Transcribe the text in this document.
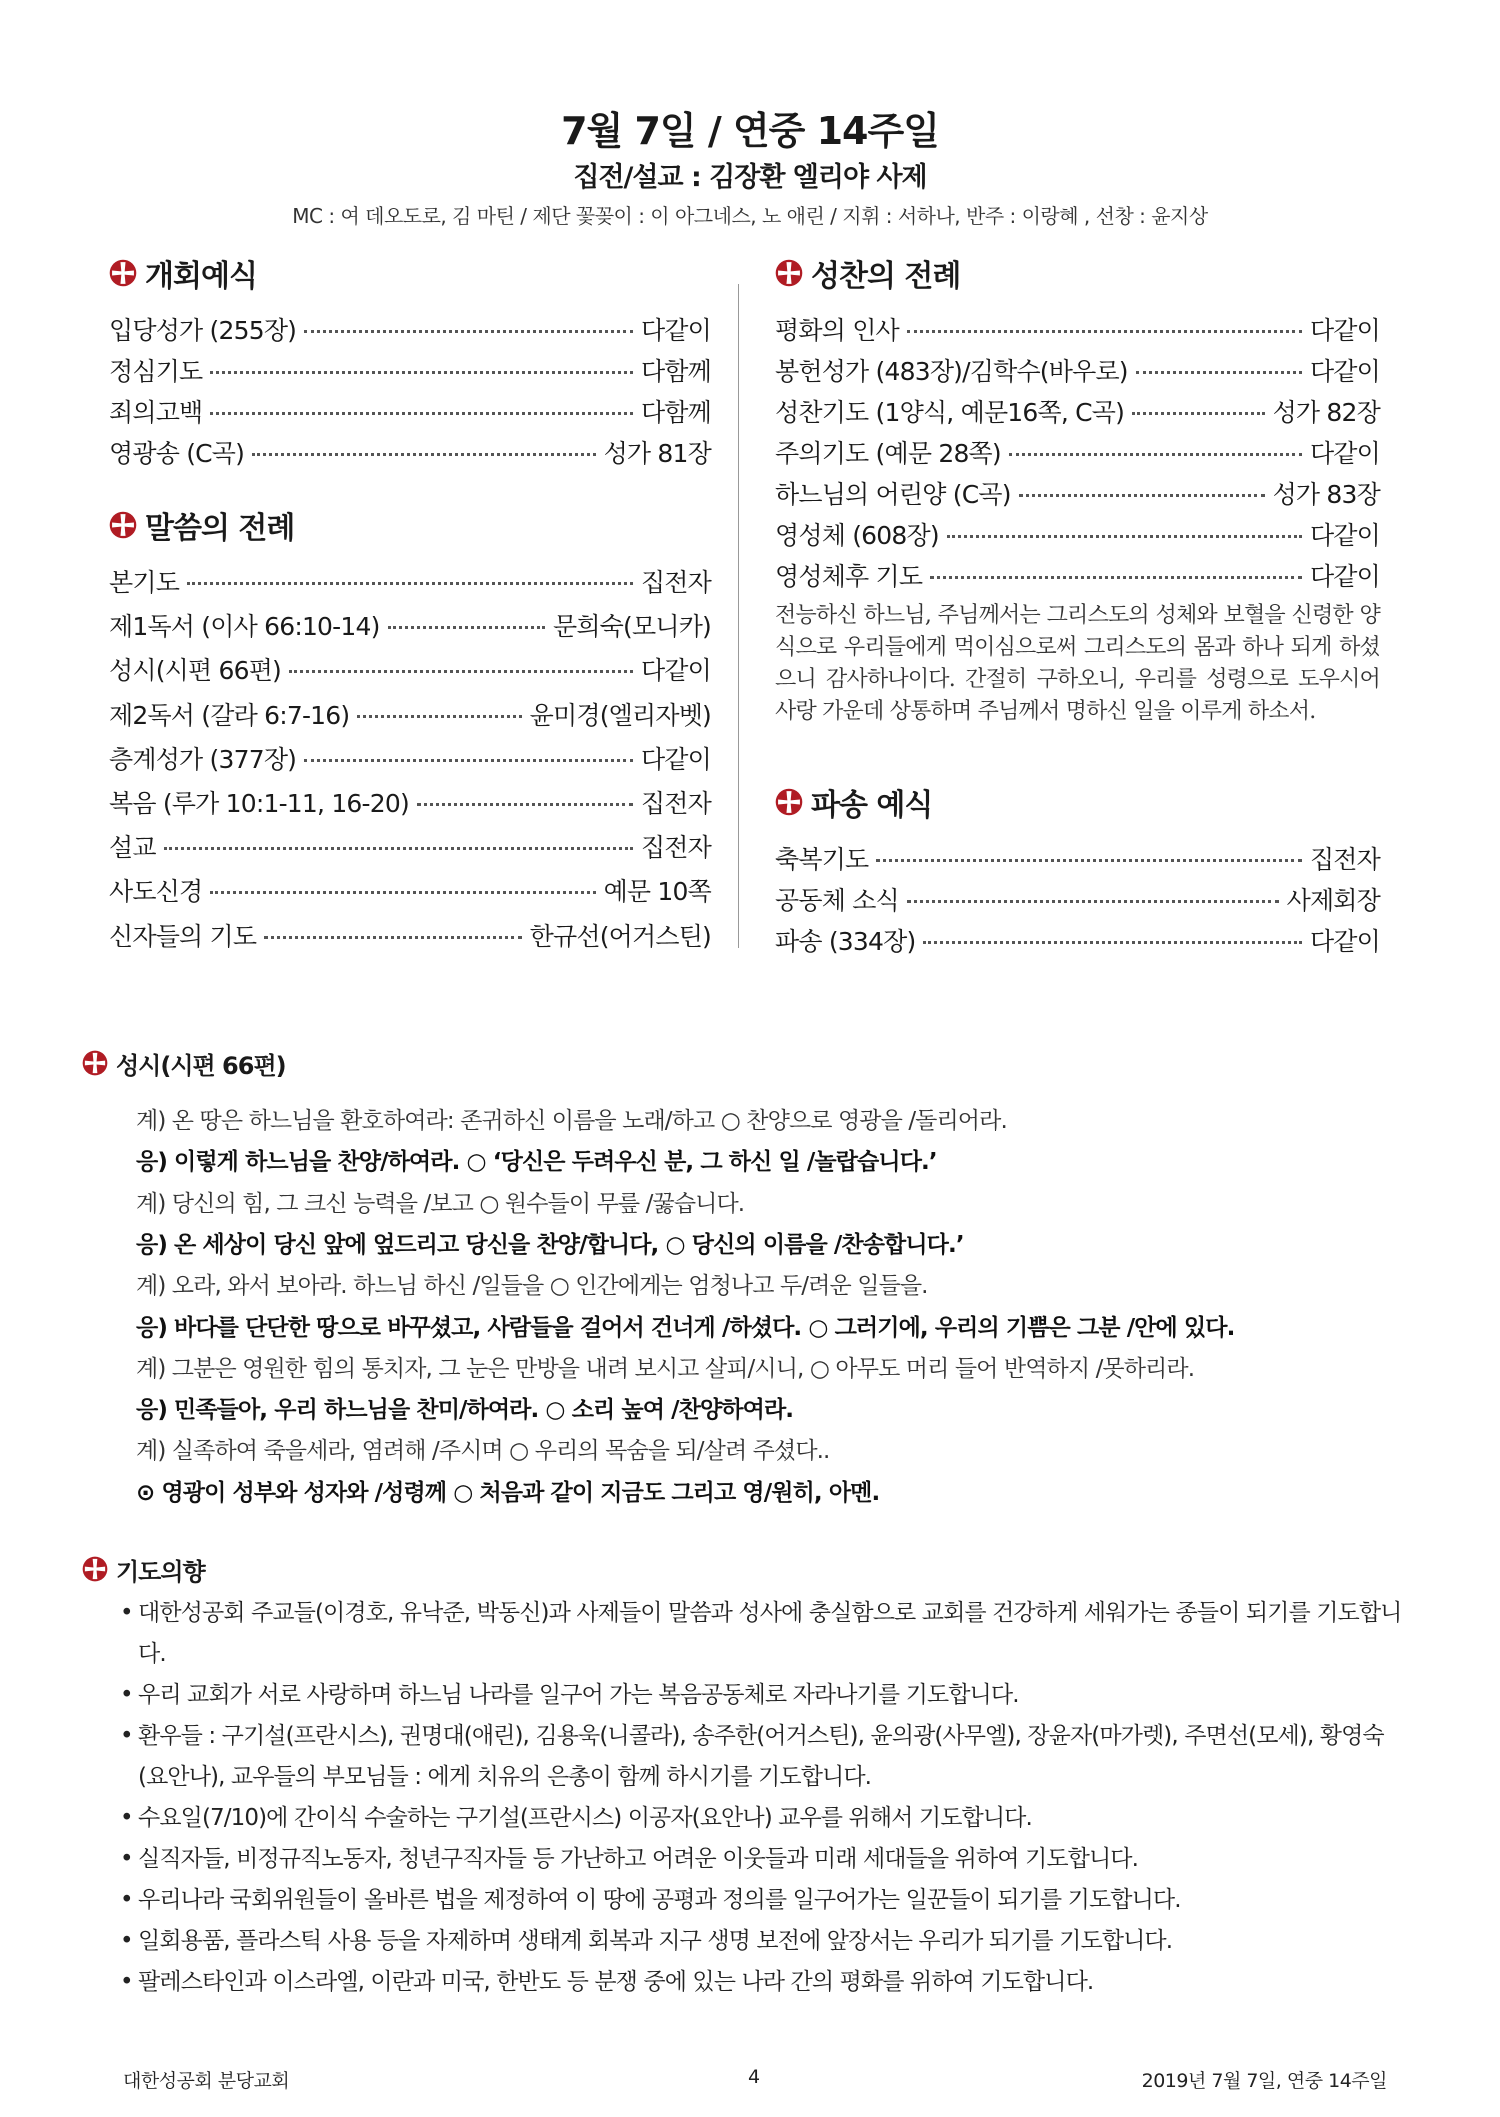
7월 7일 / 연중 14주일
집전/설교 : 김장환 엘리야 사제
MC : 여 데오도로, 김 마틴 / 제단 꽃꽂이 : 이 아그네스, 노 애린 / 지휘 : 서하나, 반주 : 이랑혜 , 선창 : 윤지상
개회예식
입당성가 (255장)	다같이
정심기도	다함께
죄의고백	다함께
영광송 (C곡)	성가 81장
말씀의 전례
본기도	집전자
제1독서 (이사 66:10-14)	문희숙(모니카)
성시(시편 66편)	다같이
제2독서 (갈라 6:7-16)	윤미경(엘리자벳)
층계성가 (377장)	다같이
복음 (루가 10:1-11, 16-20)	집전자
설교	집전자
사도신경	예문 10쪽
신자들의 기도	한규선(어거스틴)
성찬의 전례
평화의 인사	다같이
봉헌성가 (483장)/김학수(바우로)	다같이
성찬기도 (1양식, 예문16쪽, C곡)	성가 82장
주의기도 (예문 28쪽)	다같이
하느님의 어린양 (C곡)	성가 83장
영성체 (608장)	다같이
영성체후 기도	다같이
전능하신 하느님, 주님께서는 그리스도의 성체와 보혈을 신령한 양식으로 우리들에게 먹이심으로써 그리스도의 몸과 하나 되게 하셨으니 감사하나이다. 간절히 구하오니, 우리를 성령으로 도우시어 사랑 가운데 상통하며 주님께서 명하신 일을 이루게 하소서.
파송 예식
축복기도	집전자
공동체 소식	사제회장
파송 (334장)	다같이
성시(시편 66편)
계) 온 땅은 하느님을 환호하여라: 존귀하신 이름을 노래/하고 ○ 찬양으로 영광을 /돌리어라.
응) 이렇게 하느님을 찬양/하여라. ○ ‘당신은 두려우신 분, 그 하신 일 /놀랍습니다.’
계) 당신의 힘, 그 크신 능력을 /보고 ○ 원수들이 무릎 /꿇습니다.
응) 온 세상이 당신 앞에 엎드리고 당신을 찬양/합니다, ○ 당신의 이름을 /찬송합니다.’
계) 오라, 와서 보아라. 하느님 하신 /일들을 ○ 인간에게는 엄청나고 두/려운 일들을.
응) 바다를 단단한 땅으로 바꾸셨고, 사람들을 걸어서 건너게 /하셨다. ○ 그러기에, 우리의 기쁨은 그분 /안에 있다.
계) 그분은 영원한 힘의 통치자, 그 눈은 만방을 내려 보시고 살피/시니, ○ 아무도 머리 들어 반역하지 /못하리라.
응) 민족들아, 우리 하느님을 찬미/하여라. ○ 소리 높여 /찬양하여라.
계) 실족하여 죽을세라, 염려해 /주시며 ○ 우리의 목숨을 되/살려 주셨다..
⊙ 영광이 성부와 성자와 /성령께 ○ 처음과 같이 지금도 그리고 영/원히, 아멘.
기도의향
• 대한성공회 주교들(이경호, 유낙준, 박동신)과 사제들이 말씀과 성사에 충실함으로 교회를 건강하게 세워가는 종들이 되기를 기도합니다.
• 우리 교회가 서로 사랑하며 하느님 나라를 일구어 가는 복음공동체로 자라나기를 기도합니다.
• 환우들 : 구기설(프란시스), 권명대(애린), 김용욱(니콜라), 송주한(어거스틴), 윤의광(사무엘), 장윤자(마가렛), 주면선(모세), 황영숙(요안나), 교우들의 부모님들 : 에게 치유의 은총이 함께 하시기를 기도합니다.
• 수요일(7/10)에 간이식 수술하는 구기설(프란시스) 이공자(요안나) 교우를 위해서 기도합니다.
• 실직자들, 비정규직노동자, 청년구직자들 등 가난하고 어려운 이웃들과 미래 세대들을 위하여 기도합니다.
• 우리나라 국회위원들이 올바른 법을 제정하여 이 땅에 공평과 정의를 일구어가는 일꾼들이 되기를 기도합니다.
• 일회용품, 플라스틱 사용 등을 자제하며 생태계 회복과 지구 생명 보전에 앞장서는 우리가 되기를 기도합니다.
• 팔레스타인과 이스라엘, 이란과 미국, 한반도 등 분쟁 중에 있는 나라 간의 평화를 위하여 기도합니다.
대한성공회 분당교회	4	2019년 7월 7일, 연중 14주일
